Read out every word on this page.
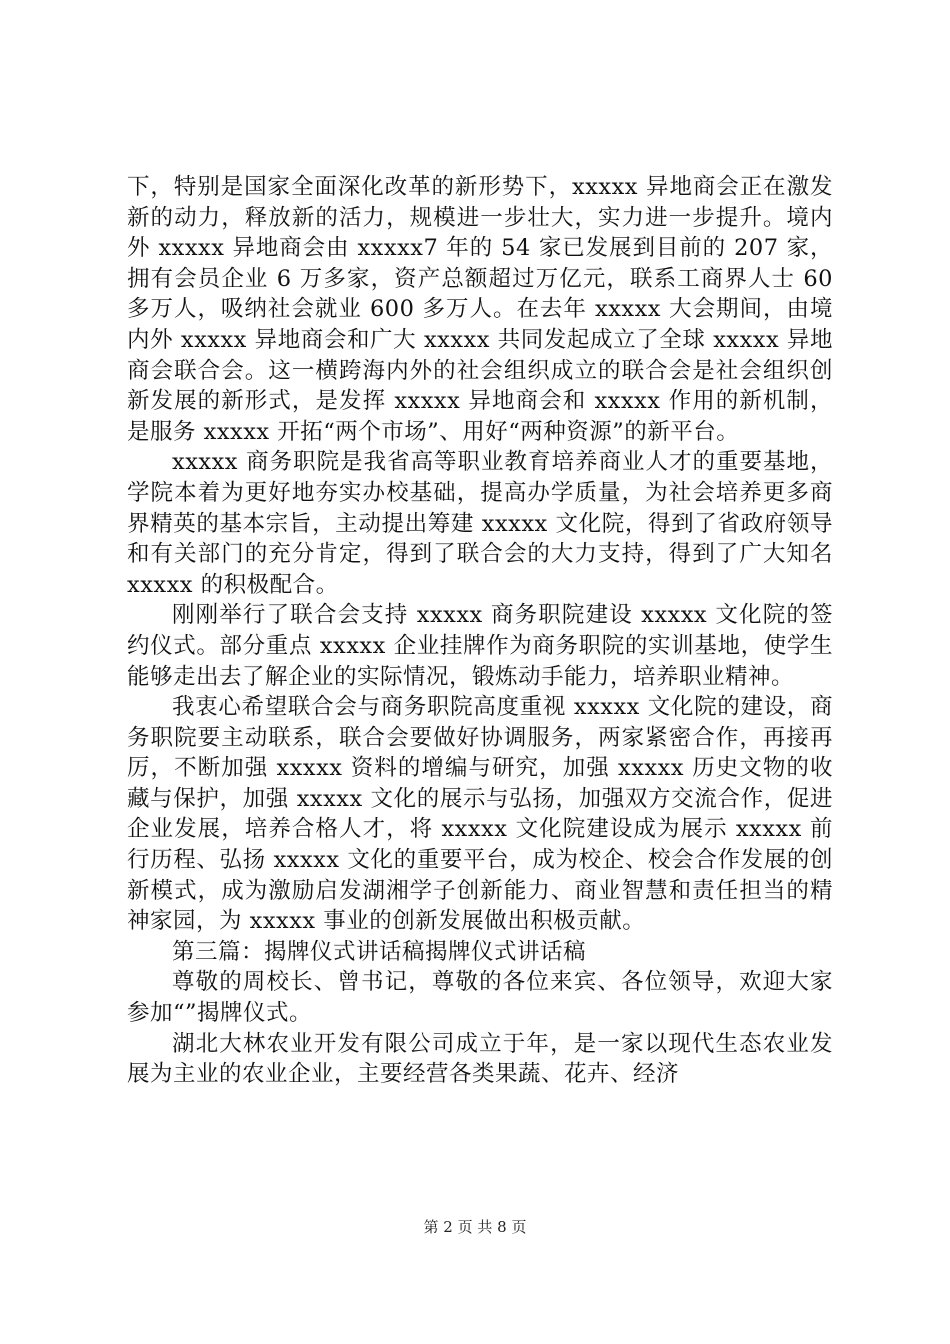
下，特别是国家全面深化改革的新形势下，xxxxx 异地商会正在激发新的动力，释放新的活力，规模进一步壮大，实力进一步提升。境内外 xxxxx 异地商会由 xxxxx7 年的 54 家已发展到目前的 207 家，拥有会员企业 6 万多家，资产总额超过万亿元，联系工商界人士 60 多万人，吸纳社会就业 600 多万人。在去年 xxxxx 大会期间，由境内外 xxxxx 异地商会和广大 xxxxx 共同发起成立了全球 xxxxx 异地商会联合会。这一横跨海内外的社会组织成立的联合会是社会组织创新发展的新形式，是发挥 xxxxx 异地商会和 xxxxx 作用的新机制，是服务 xxxxx 开拓“两个市场”、用好“两种资源”的新平台。

xxxxx 商务职院是我省高等职业教育培养商业人才的重要基地，学院本着为更好地夯实办校基础，提高办学质量，为社会培养更多商界精英的基本宗旨，主动提出筹建 xxxxx 文化院，得到了省政府领导和有关部门的充分肯定，得到了联合会的大力支持，得到了广大知名 xxxxx 的积极配合。

刚刚举行了联合会支持 xxxxx 商务职院建设 xxxxx 文化院的签约仪式。部分重点 xxxxx 企业挂牌作为商务职院的实训基地，使学生能够走出去了解企业的实际情况，锻炼动手能力，培养职业精神。

我衷心希望联合会与商务职院高度重视 xxxxx 文化院的建设，商务职院要主动联系，联合会要做好协调服务，两家紧密合作，再接再厉，不断加强 xxxxx 资料的增编与研究，加强 xxxxx 历史文物的收藏与保护，加强 xxxxx 文化的展示与弘扬，加强双方交流合作，促进企业发展，培养合格人才，将 xxxxx 文化院建设成为展示 xxxxx 前行历程、弘扬 xxxxx 文化的重要平台，成为校企、校会合作发展的创新模式，成为激励启发湖湘学子创新能力、商业智慧和责任担当的精神家园，为 xxxxx 事业的创新发展做出积极贡献。

第三篇：揭牌仪式讲话稿揭牌仪式讲话稿

尊敬的周校长、曾书记，尊敬的各位来宾、各位领导，欢迎大家参加“”揭牌仪式。

湖北大林农业开发有限公司成立于年，是一家以现代生态农业发展为主业的农业企业，主要经营各类果蔬、花卉、经济

第 2 页 共 8 页
